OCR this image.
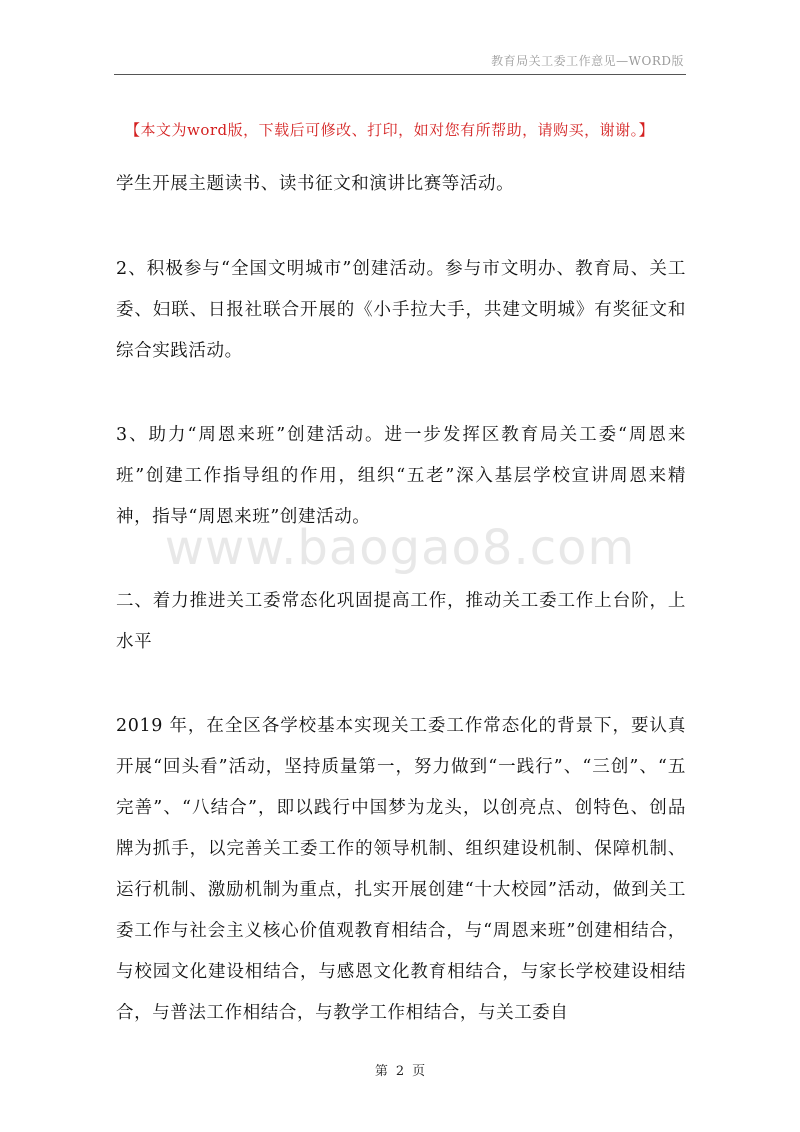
教育局关工委工作意见—WORD版
【本文为word版，下载后可修改、打印，如对您有所帮助，请购买，谢谢。】
学生开展主题读书、读书征文和演讲比赛等活动。
2、积极参与“全国文明城市”创建活动。参与市文明办、教育局、关工委、妇联、日报社联合开展的《小手拉大手，共建文明城》有奖征文和综合实践活动。
3、助力“周恩来班”创建活动。进一步发挥区教育局关工委“周恩来班”创建工作指导组的作用，组织“五老”深入基层学校宣讲周恩来精神，指导“周恩来班”创建活动。
www.baogao8.com
二、着力推进关工委常态化巩固提高工作，推动关工委工作上台阶，上水平
2019 年，在全区各学校基本实现关工委工作常态化的背景下，要认真开展“回头看”活动，坚持质量第一，努力做到“一践行”、“三创”、“五完善”、“八结合”，即以践行中国梦为龙头，以创亮点、创特色、创品牌为抓手，以完善关工委工作的领导机制、组织建设机制、保障机制、运行机制、激励机制为重点，扎实开展创建“十大校园”活动，做到关工委工作与社会主义核心价值观教育相结合，与“周恩来班”创建相结合，与校园文化建设相结合，与感恩文化教育相结合，与家长学校建设相结合，与普法工作相结合，与教学工作相结合，与关工委自
第 2 页
